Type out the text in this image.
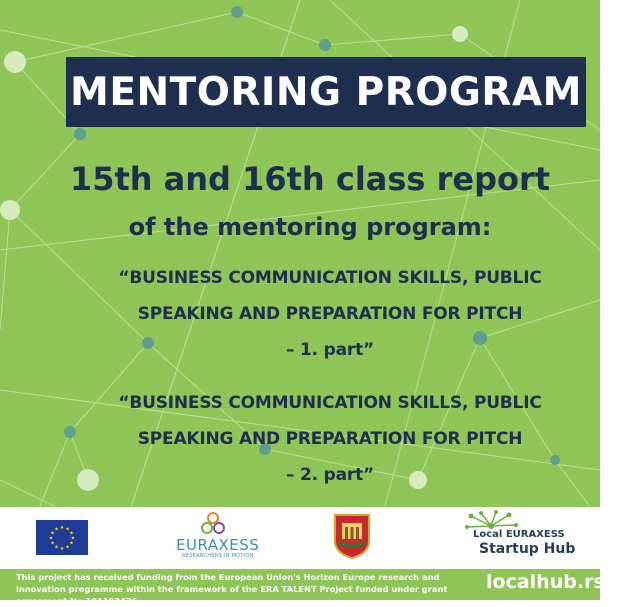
MENTORING PROGRAM
15th and 16th class report
of the mentoring program:
“BUSINESS COMMUNICATION SKILLS, PUBLIC
SPEAKING AND PREPARATION FOR PITCH
– 1. part”
“BUSINESS COMMUNICATION SKILLS, PUBLIC
SPEAKING AND PREPARATION FOR PITCH
– 2. part”
★ ★
★
★
★
★
★
★
★
★
★
★
EURAXESS
RESEARCHERS IN MOTION
Local EURAXESS
Startup Hub
This project has received funding from the European Union's Horizon Europe research and innovation programme within the framework of the ERA TALENT Project funded under grant agreement No 101103476
localhub.rs
